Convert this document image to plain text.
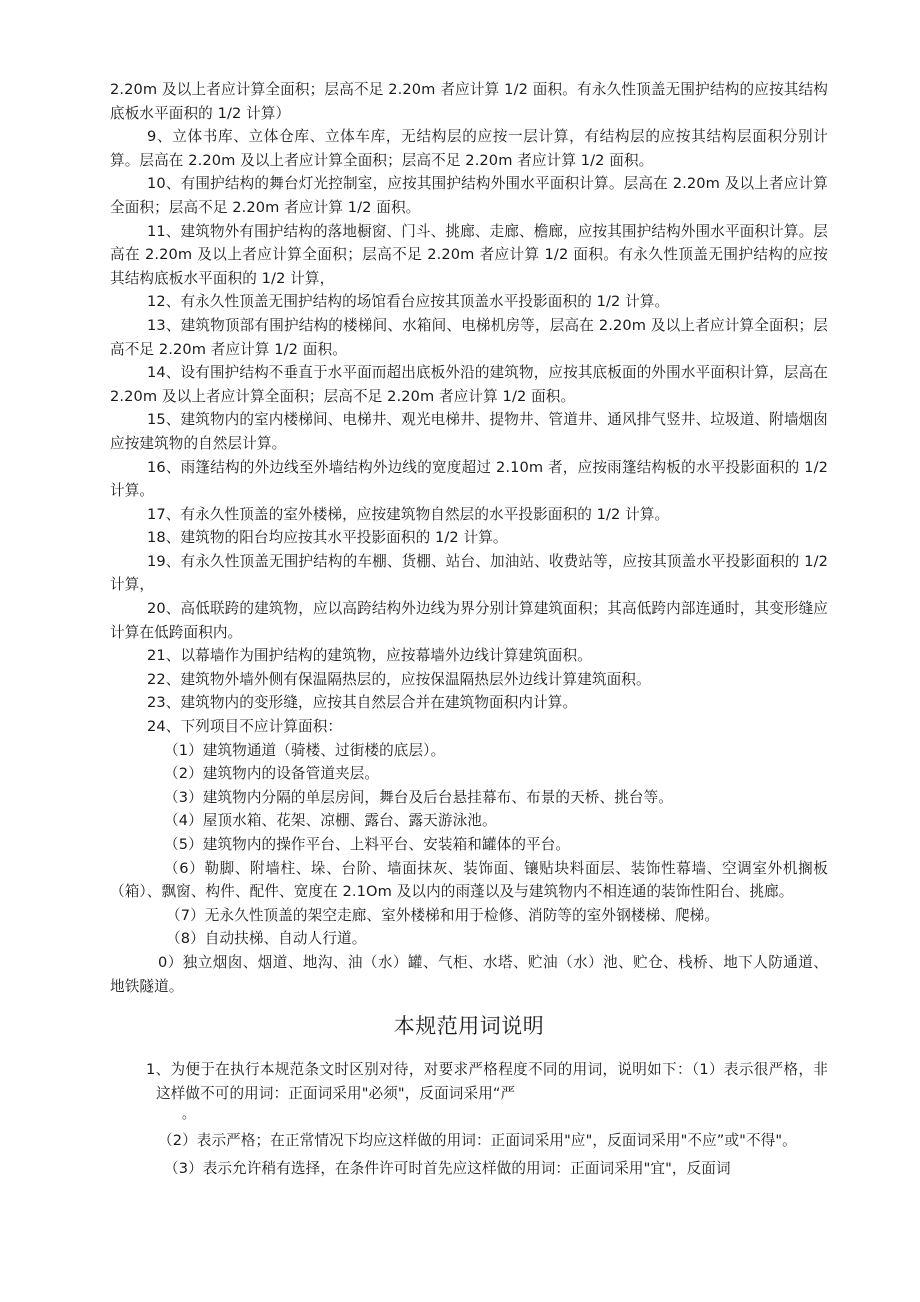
2.20m 及以上者应计算全面积；层高不足 2.20m 者应计算 1/2 面积。有永久性顶盖无围护结构的应按其结构底板水平面积的 1/2 计算）

9、立体书库、立体仓库、立体车库，无结构层的应按一层计算，有结构层的应按其结构层面积分别计算。层高在 2.20m 及以上者应计算全面积；层高不足 2.20m 者应计算 1/2 面积。

10、有围护结构的舞台灯光控制室，应按其围护结构外围水平面积计算。层高在 2.20m 及以上者应计算全面积；层高不足 2.20m 者应计算 1/2 面积。

11、建筑物外有围护结构的落地橱窗、门斗、挑廊、走廊、檐廊，应按其围护结构外围水平面积计算。层高在 2.20m 及以上者应计算全面积；层高不足 2.20m 者应计算 1/2 面积。有永久性顶盖无围护结构的应按其结构底板水平面积的 1/2 计算，

12、有永久性顶盖无围护结构的场馆看台应按其顶盖水平投影面积的 1/2 计算。

13、建筑物顶部有围护结构的楼梯间、水箱间、电梯机房等，层高在 2.20m 及以上者应计算全面积；层高不足 2.20m 者应计算 1/2 面积。

14、设有围护结构不垂直于水平面而超出底板外沿的建筑物，应按其底板面的外围水平面积计算，层高在 2.20m 及以上者应计算全面积；层高不足 2.20m 者应计算 1/2 面积。

15、建筑物内的室内楼梯间、电梯井、观光电梯井、提物井、管道井、通风排气竖井、垃圾道、附墙烟囱应按建筑物的自然层计算。

16、雨篷结构的外边线至外墙结构外边线的宽度超过 2.10m 者，应按雨篷结构板的水平投影面积的 1/2 计算。

17、有永久性顶盖的室外楼梯，应按建筑物自然层的水平投影面积的 1/2 计算。

18、建筑物的阳台均应按其水平投影面积的 1/2 计算。

19、有永久性顶盖无围护结构的车棚、货棚、站台、加油站、收费站等，应按其顶盖水平投影面积的 1/2 计算，

20、高低联跨的建筑物，应以高跨结构外边线为界分别计算建筑面积；其高低跨内部连通时，其变形缝应计算在低跨面积内。

21、以幕墙作为围护结构的建筑物，应按幕墙外边线计算建筑面积。

22、建筑物外墙外侧有保温隔热层的，应按保温隔热层外边线计算建筑面积。

23、建筑物内的变形缝，应按其自然层合并在建筑物面积内计算。

24、下列项目不应计算面积：

（1）建筑物通道（骑楼、过街楼的底层）。

（2）建筑物内的设备管道夹层。

（3）建筑物内分隔的单层房间，舞台及后台悬挂幕布、布景的天桥、挑台等。

（4）屋顶水箱、花架、凉棚、露台、露天游泳池。

（5）建筑物内的操作平台、上料平台、安装箱和罐体的平台。

（6）勒脚、附墙柱、垛、台阶、墙面抹灰、装饰面、镶贴块料面层、装饰性幕墙、空调室外机搁板（箱）、飘窗、构件、配件、宽度在 2.1Om 及以内的雨蓬以及与建筑物内不相连通的装饰性阳台、挑廊。

（7）无永久性顶盖的架空走廊、室外楼梯和用于检修、消防等的室外钢楼梯、爬梯。

（8）自动扶梯、自动人行道。

0）独立烟囱、烟道、地沟、油（水）罐、气柜、水塔、贮油（水）池、贮仓、栈桥、地下人防通道、地铁隧道。

本规范用词说明

1、为便于在执行本规范条文时区别对待，对要求严格程度不同的用词，说明如下：（1）表示很严格，非这样做不可的用词：正面词采用"必须"，反面词采用“严

。

（2）表示严格；在正常情况下均应这样做的用词：正面词采用"应"，反面词采用"不应”或"不得"。

（3）表示允许稍有选择，在条件许可时首先应这样做的用词：正面词采用"宜"，反面词
